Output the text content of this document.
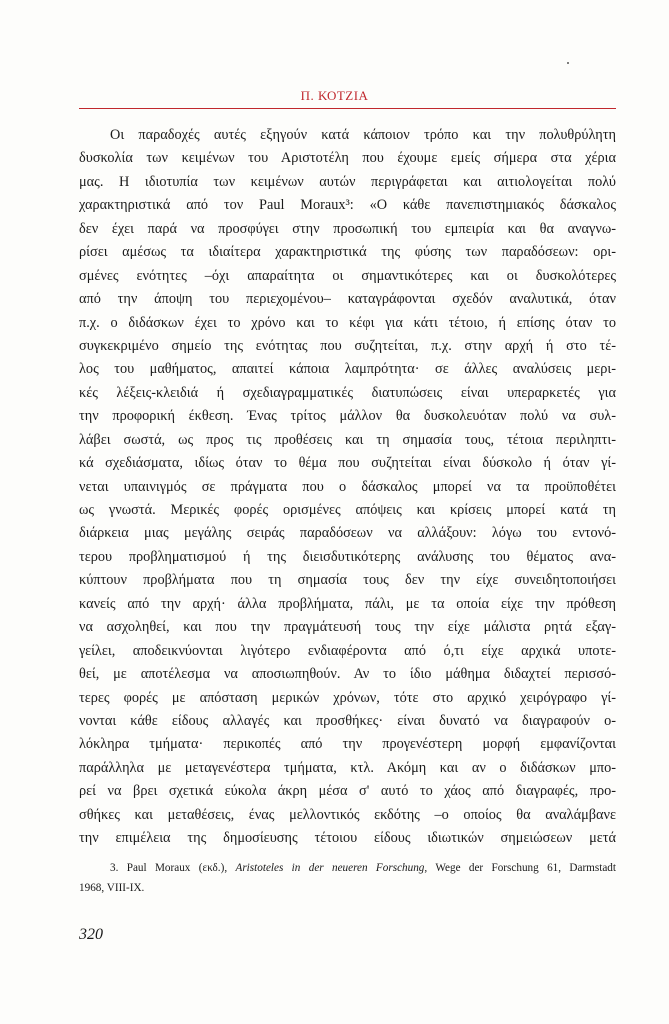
Π. ΚΟΤΖΙΑ
Οι παραδοχές αυτές εξηγούν κατά κάποιον τρόπο και την πολυθρύλητη
δυσκολία των κειμένων του Αριστοτέλη που έχουμε εμείς σήμερα στα χέρια
μας. Η ιδιοτυπία των κειμένων αυτών περιγράφεται και αιτιολογείται πολύ
χαρακτηριστικά από τον Paul Moraux³: «Ο κάθε πανεπιστημιακός δάσκαλος
δεν έχει παρά να προσφύγει στην προσωπική του εμπειρία και θα αναγνω-
ρίσει αμέσως τα ιδιαίτερα χαρακτηριστικά της φύσης των παραδόσεων: ορι-
σμένες ενότητες –όχι απαραίτητα οι σημαντικότερες και οι δυσκολότερες
από την άποψη του περιεχομένου– καταγράφονται σχεδόν αναλυτικά, όταν
π.χ. ο διδάσκων έχει το χρόνο και το κέφι για κάτι τέτοιο, ή επίσης όταν το
συγκεκριμένο σημείο της ενότητας που συζητείται, π.χ. στην αρχή ή στο τέ-
λος του μαθήματος, απαιτεί κάποια λαμπρότητα· σε άλλες αναλύσεις μερι-
κές λέξεις-κλειδιά ή σχεδιαγραμματικές διατυπώσεις είναι υπεραρκετές για
την προφορική έκθεση. Ένας τρίτος μάλλον θα δυσκολευόταν πολύ να συλ-
λάβει σωστά, ως προς τις προθέσεις και τη σημασία τους, τέτοια περιληπτι-
κά σχεδιάσματα, ιδίως όταν το θέμα που συζητείται είναι δύσκολο ή όταν γί-
νεται υπαινιγμός σε πράγματα που ο δάσκαλος μπορεί να τα προϋποθέτει
ως γνωστά. Μερικές φορές ορισμένες απόψεις και κρίσεις μπορεί κατά τη
διάρκεια μιας μεγάλης σειράς παραδόσεων να αλλάξουν: λόγω του εντονό-
τερου προβληματισμού ή της διεισδυτικότερης ανάλυσης του θέματος ανα-
κύπτουν προβλήματα που τη σημασία τους δεν την είχε συνειδητοποιήσει
κανείς από την αρχή· άλλα προβλήματα, πάλι, με τα οποία είχε την πρόθεση
να ασχοληθεί, και που την πραγμάτευσή τους την είχε μάλιστα ρητά εξαγ-
γείλει, αποδεικνύονται λιγότερο ενδιαφέροντα από ό,τι είχε αρχικά υποτε-
θεί, με αποτέλεσμα να αποσιωπηθούν. Αν το ίδιο μάθημα διδαχτεί περισσό-
τερες φορές με απόσταση μερικών χρόνων, τότε στο αρχικό χειρόγραφο γί-
νονται κάθε είδους αλλαγές και προσθήκες· είναι δυνατό να διαγραφούν ο-
λόκληρα τμήματα· περικοπές από την προγενέστερη μορφή εμφανίζονται
παράλληλα με μεταγενέστερα τμήματα, κτλ. Ακόμη και αν ο διδάσκων μπο-
ρεί να βρει σχετικά εύκολα άκρη μέσα σ' αυτό το χάος από διαγραφές, προ-
σθήκες και μεταθέσεις, ένας μελλοντικός εκδότης –ο οποίος θα αναλάμβανε
την επιμέλεια της δημοσίευσης τέτοιου είδους ιδιωτικών σημειώσεων μετά
3. Paul Moraux (εκδ.), Aristoteles in der neueren Forschung, Wege der Forschung 61, Darmstadt
1968, VIII-IX.
320
